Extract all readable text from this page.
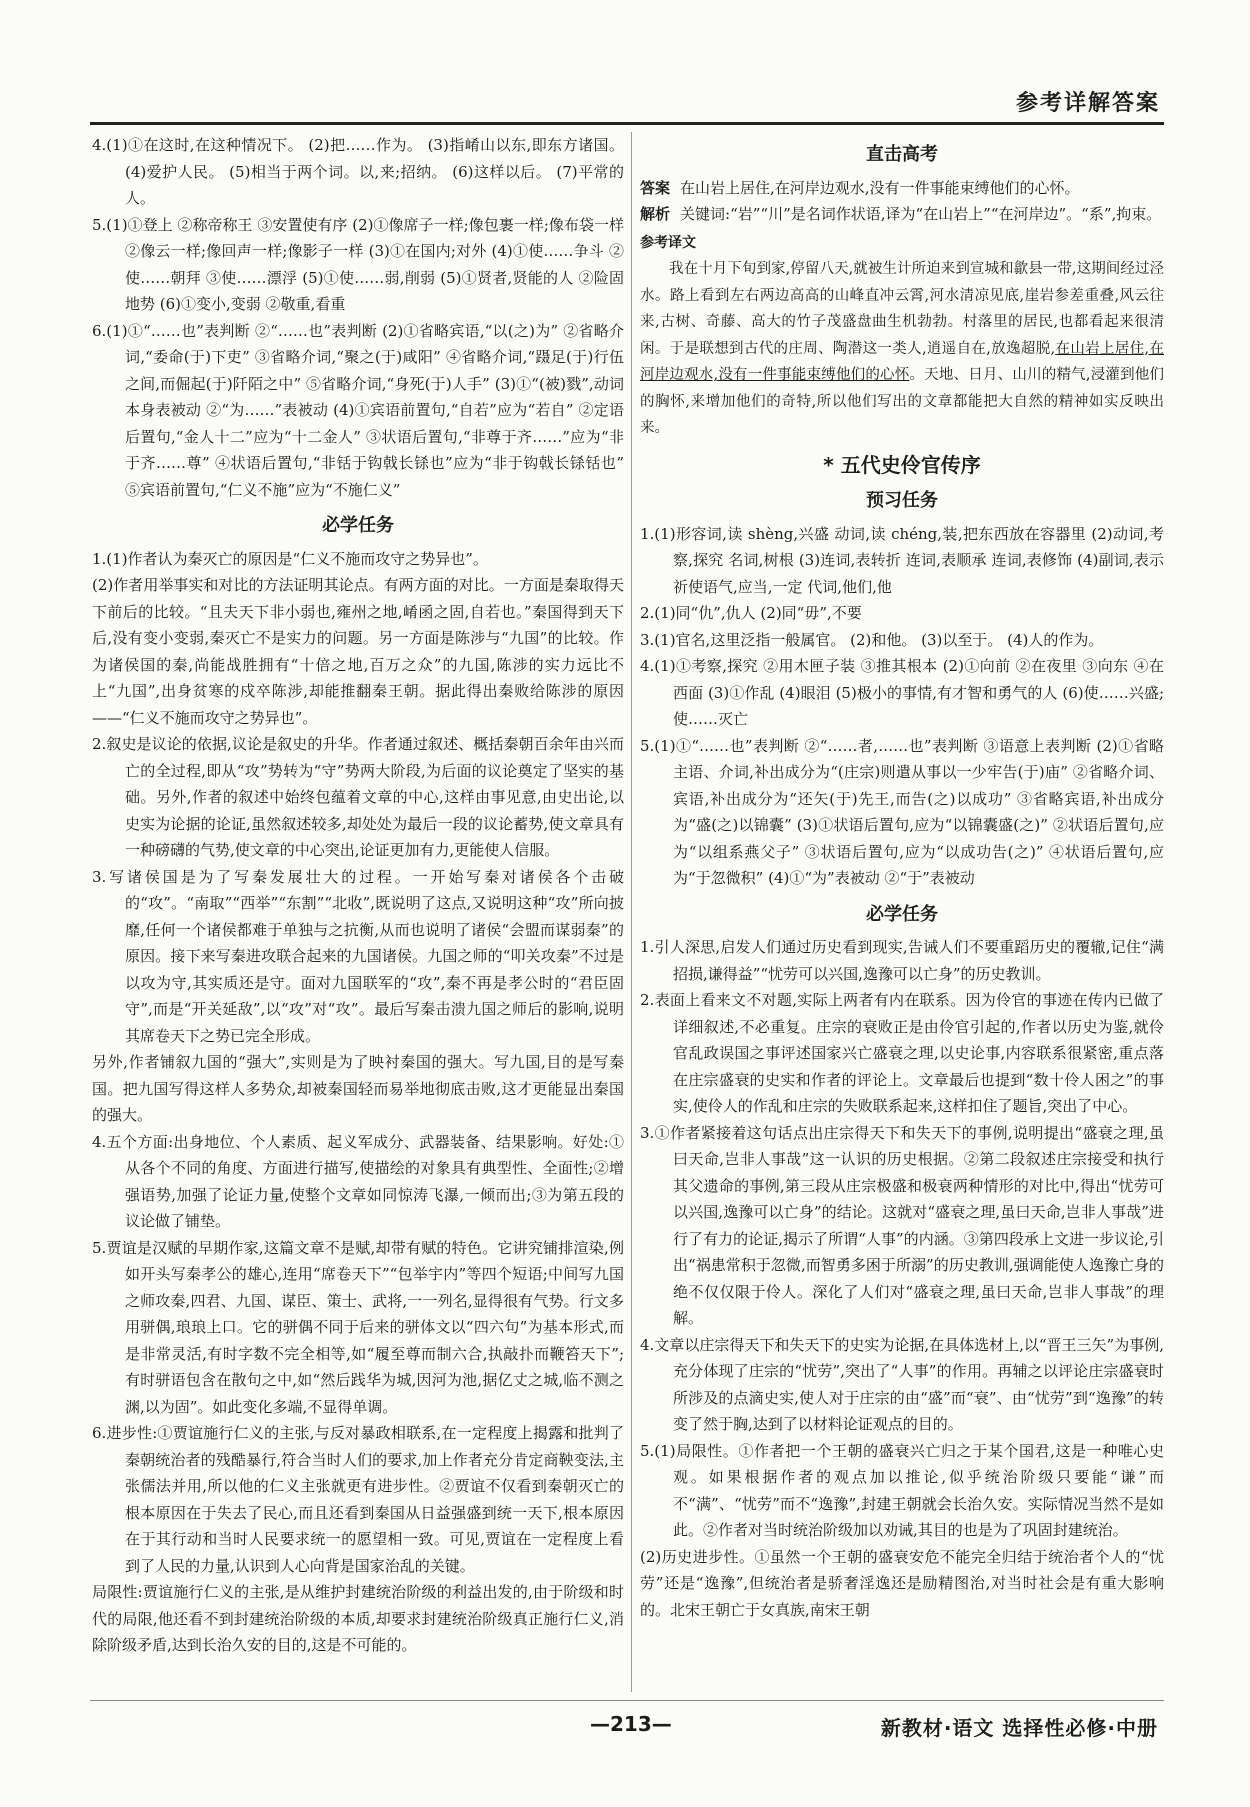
参考详解答案

4.(1)①在这时,在这种情况下。 (2)把……作为。 (3)指崤山以东,即东方诸国。 (4)爱护人民。 (5)相当于两个词。以,来;招纳。 (6)这样以后。 (7)平常的人。

5.(1)①登上 ②称帝称王 ③安置使有序 (2)①像席子一样;像包裹一样;像布袋一样 ②像云一样;像回声一样;像影子一样 (3)①在国内;对外 (4)①使……争斗 ②使……朝拜 ③使……漂浮 (5)①使……弱,削弱 (5)①贤者,贤能的人 ②险固地势 (6)①变小,变弱 ②敬重,看重

6.(1)①“……也”表判断 ②“……也”表判断 (2)①省略宾语,“以(之)为” ②省略介词,“委命(于)下吏” ③省略介词,“聚之(于)咸阳” ④省略介词,“蹑足(于)行伍之间,而倔起(于)阡陌之中” ⑤省略介词,“身死(于)人手” (3)①“(被)戮”,动词本身表被动 ②“为……”表被动 (4)①宾语前置句,“自若”应为“若自” ②定语后置句,“金人十二”应为“十二金人” ③状语后置句,“非尊于齐……”应为“非于齐……尊” ④状语后置句,“非铦于钩戟长铩也”应为“非于钩戟长铩铦也” ⑤宾语前置句,“仁义不施”应为“不施仁义”

必学任务

1.(1)作者认为秦灭亡的原因是“仁义不施而攻守之势异也”。

(2)作者用举事实和对比的方法证明其论点。有两方面的对比。一方面是秦取得天下前后的比较。“且夫天下非小弱也,雍州之地,崤函之固,自若也。”秦国得到天下后,没有变小变弱,秦灭亡不是实力的问题。另一方面是陈涉与“九国”的比较。作为诸侯国的秦,尚能战胜拥有“十倍之地,百万之众”的九国,陈涉的实力远比不上“九国”,出身贫寒的戍卒陈涉,却能推翻秦王朝。据此得出秦败给陈涉的原因——“仁义不施而攻守之势异也”。

2.叙史是议论的依据,议论是叙史的升华。作者通过叙述、概括秦朝百余年由兴而亡的全过程,即从“攻”势转为“守”势两大阶段,为后面的议论奠定了坚实的基础。另外,作者的叙述中始终包蕴着文章的中心,这样由事见意,由史出论,以史实为论据的论证,虽然叙述较多,却处处为最后一段的议论蓄势,使文章具有一种磅礴的气势,使文章的中心突出,论证更加有力,更能使人信服。

3.写诸侯国是为了写秦发展壮大的过程。一开始写秦对诸侯各个击破的“攻”。“南取”“西举”“东割”“北收”,既说明了这点,又说明这种“攻”所向披靡,任何一个诸侯都难于单独与之抗衡,从而也说明了诸侯“会盟而谋弱秦”的原因。接下来写秦进攻联合起来的九国诸侯。九国之师的“叩关攻秦”不过是以攻为守,其实质还是守。面对九国联军的“攻”,秦不再是孝公时的“君臣固守”,而是“开关延敌”,以“攻”对“攻”。最后写秦击溃九国之师后的影响,说明其席卷天下之势已完全形成。

另外,作者铺叙九国的“强大”,实则是为了映衬秦国的强大。写九国,目的是写秦国。把九国写得这样人多势众,却被秦国轻而易举地彻底击败,这才更能显出秦国的强大。

4.五个方面:出身地位、个人素质、起义军成分、武器装备、结果影响。好处:①从各个不同的角度、方面进行描写,使描绘的对象具有典型性、全面性;②增强语势,加强了论证力量,使整个文章如同惊涛飞瀑,一倾而出;③为第五段的议论做了铺垫。

5.贾谊是汉赋的早期作家,这篇文章不是赋,却带有赋的特色。它讲究铺排渲染,例如开头写秦孝公的雄心,连用“席卷天下”“包举宇内”等四个短语;中间写九国之师攻秦,四君、九国、谋臣、策士、武将,一一列名,显得很有气势。行文多用骈偶,琅琅上口。它的骈偶不同于后来的骈体文以“四六句”为基本形式,而是非常灵活,有时字数不完全相等,如“履至尊而制六合,执敲扑而鞭笞天下”;有时骈语包含在散句之中,如“然后践华为城,因河为池,据亿丈之城,临不测之渊,以为固”。如此变化多端,不显得单调。

6.进步性:①贾谊施行仁义的主张,与反对暴政相联系,在一定程度上揭露和批判了秦朝统治者的残酷暴行,符合当时人们的要求,加上作者充分肯定商鞅变法,主张儒法并用,所以他的仁义主张就更有进步性。②贾谊不仅看到秦朝灭亡的根本原因在于失去了民心,而且还看到秦国从日益强盛到统一天下,根本原因在于其行动和当时人民要求统一的愿望相一致。可见,贾谊在一定程度上看到了人民的力量,认识到人心向背是国家治乱的关键。

局限性:贾谊施行仁义的主张,是从维护封建统治阶级的利益出发的,由于阶级和时代的局限,他还看不到封建统治阶级的本质,却要求封建统治阶级真正施行仁义,消除阶级矛盾,达到长治久安的目的,这是不可能的。

直击高考

答案 在山岩上居住,在河岸边观水,没有一件事能束缚他们的心怀。

解析 关键词:“岩”“川”是名词作状语,译为“在山岩上”“在河岸边”。“系”,拘束。

参考译文

我在十月下旬到家,停留八天,就被生计所迫来到宣城和歙县一带,这期间经过泾水。路上看到左右两边高高的山峰直冲云霄,河水清凉见底,崖岩参差重叠,风云往来,古树、奇藤、高大的竹子茂盛盘曲生机勃勃。村落里的居民,也都看起来很清闲。于是联想到古代的庄周、陶潜这一类人,逍遥自在,放逸超脱,在山岩上居住,在河岸边观水,没有一件事能束缚他们的心怀。天地、日月、山川的精气,浸灌到他们的胸怀,来增加他们的奇特,所以他们写出的文章都能把大自然的精神如实反映出来。

* 五代史伶官传序
预习任务

1.(1)形容词,读 shèng,兴盛 动词,读 chéng,装,把东西放在容器里 (2)动词,考察,探究 名词,树根 (3)连词,表转折 连词,表顺承 连词,表修饰 (4)副词,表示祈使语气,应当,一定 代词,他们,他

2.(1)同“仇”,仇人 (2)同“毋”,不要

3.(1)官名,这里泛指一般属官。 (2)和他。 (3)以至于。 (4)人的作为。

4.(1)①考察,探究 ②用木匣子装 ③推其根本 (2)①向前 ②在夜里 ③向东 ④在西面 (3)①作乱 (4)眼泪 (5)极小的事情,有才智和勇气的人 (6)使……兴盛;使……灭亡

5.(1)①“……也”表判断 ②“……者,……也”表判断 ③语意上表判断 (2)①省略主语、介词,补出成分为“(庄宗)则遣从事以一少牢告(于)庙” ②省略介词、宾语,补出成分为“还矢(于)先王,而告(之)以成功” ③省略宾语,补出成分为“盛(之)以锦囊” (3)①状语后置句,应为“以锦囊盛(之)” ②状语后置句,应为“以组系燕父子” ③状语后置句,应为“以成功告(之)” ④状语后置句,应为“于忽微积” (4)①“为”表被动 ②“于”表被动

必学任务

1.引人深思,启发人们通过历史看到现实,告诫人们不要重蹈历史的覆辙,记住“满招损,谦得益”“忧劳可以兴国,逸豫可以亡身”的历史教训。

2.表面上看来文不对题,实际上两者有内在联系。因为伶官的事迹在传内已做了详细叙述,不必重复。庄宗的衰败正是由伶官引起的,作者以历史为鉴,就伶官乱政误国之事评述国家兴亡盛衰之理,以史论事,内容联系很紧密,重点落在庄宗盛衰的史实和作者的评论上。文章最后也提到“数十伶人困之”的事实,使伶人的作乱和庄宗的失败联系起来,这样扣住了题旨,突出了中心。

3.①作者紧接着这句话点出庄宗得天下和失天下的事例,说明提出“盛衰之理,虽曰天命,岂非人事哉”这一认识的历史根据。②第二段叙述庄宗接受和执行其父遗命的事例,第三段从庄宗极盛和极衰两种情形的对比中,得出“忧劳可以兴国,逸豫可以亡身”的结论。这就对“盛衰之理,虽曰天命,岂非人事哉”进行了有力的论证,揭示了所谓“人事”的内涵。③第四段承上文进一步议论,引出“祸患常积于忽微,而智勇多困于所溺”的历史教训,强调能使人逸豫亡身的绝不仅仅限于伶人。深化了人们对“盛衰之理,虽曰天命,岂非人事哉”的理解。

4.文章以庄宗得天下和失天下的史实为论据,在具体选材上,以“晋王三矢”为事例,充分体现了庄宗的“忧劳”,突出了“人事”的作用。再辅之以评论庄宗盛衰时所涉及的点滴史实,使人对于庄宗的由“盛”而“衰”、由“忧劳”到“逸豫”的转变了然于胸,达到了以材料论证观点的目的。

5.(1)局限性。①作者把一个王朝的盛衰兴亡归之于某个国君,这是一种唯心史观。如果根据作者的观点加以推论,似乎统治阶级只要能“谦”而不“满”、“忧劳”而不“逸豫”,封建王朝就会长治久安。实际情况当然不是如此。②作者对当时统治阶级加以劝诫,其目的也是为了巩固封建统治。

(2)历史进步性。①虽然一个王朝的盛衰安危不能完全归结于统治者个人的“忧劳”还是“逸豫”,但统治者是骄奢淫逸还是励精图治,对当时社会是有重大影响的。北宋王朝亡于女真族,南宋王朝

—213—	新教材·语文 选择性必修·中册
